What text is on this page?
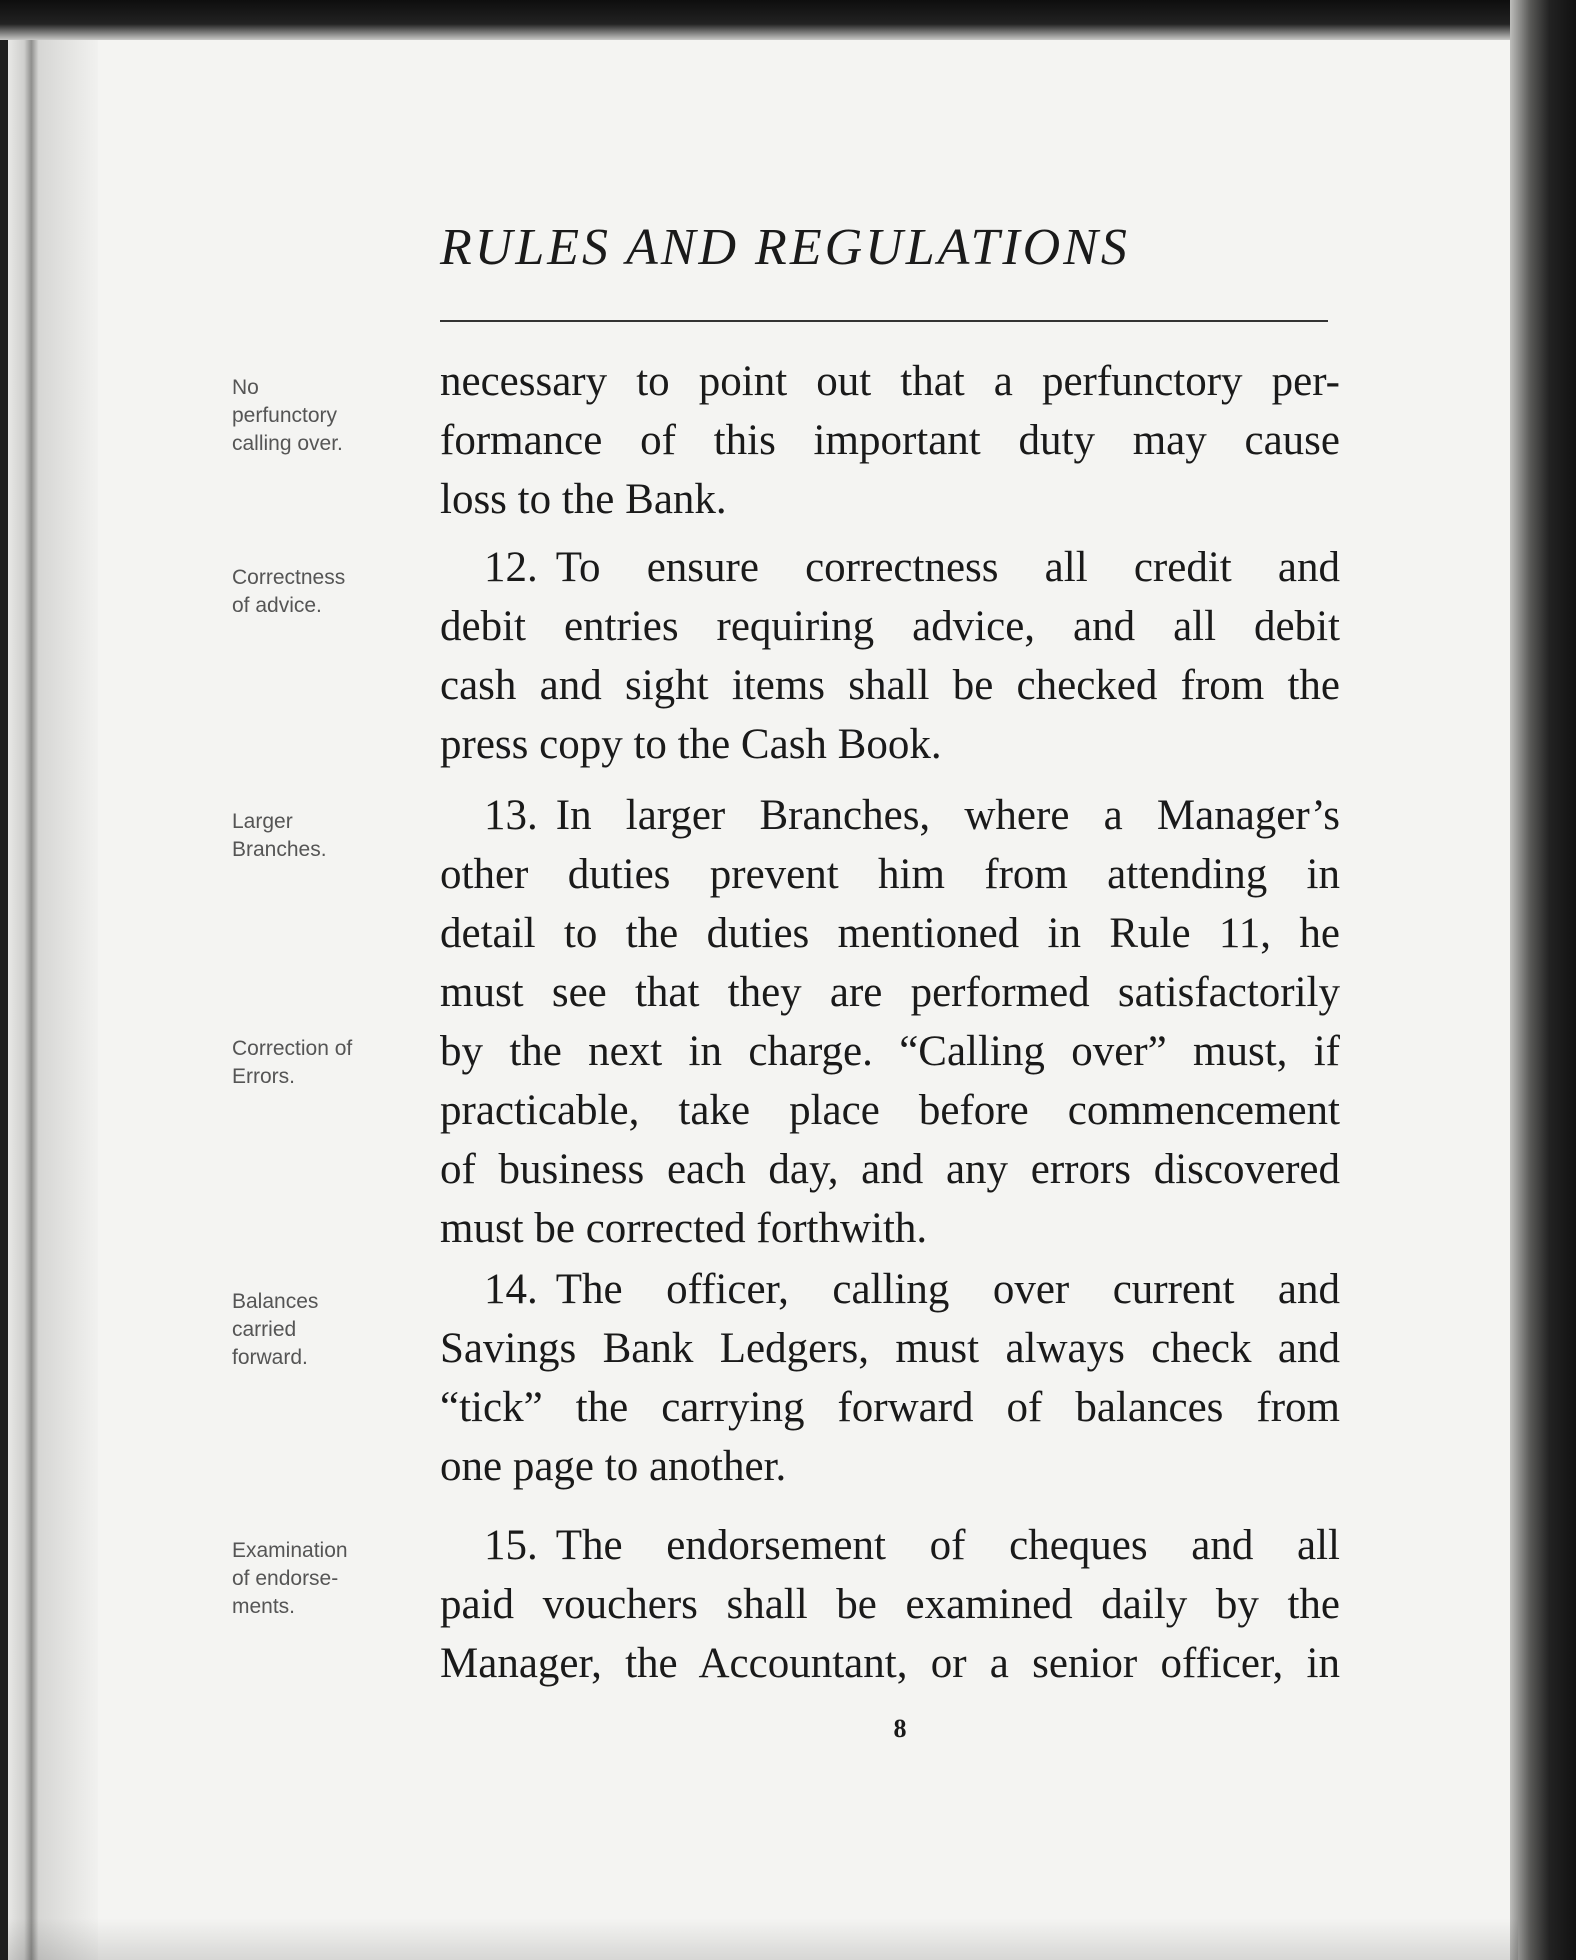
RULES AND REGULATIONS
No
perfunctory
calling over.
Correctness
of advice.
Larger
Branches.
Correction of
Errors.
Balances
carried
forward.
Examination
of endorse-
ments.
necessary to point out that a perfunctory per-
formance of this important duty may cause
loss to the Bank.
12. To ensure correctness all credit and
debit entries requiring advice, and all debit
cash and sight items shall be checked from the
press copy to the Cash Book.
13. In larger Branches, where a Manager’s
other duties prevent him from attending in
detail to the duties mentioned in Rule 11, he
must see that they are performed satisfactorily
by the next in charge. “Calling over” must, if
practicable, take place before commencement
of business each day, and any errors discovered
must be corrected forthwith.
14. The officer, calling over current and
Savings Bank Ledgers, must always check and
“tick” the carrying forward of balances from
one page to another.
15. The endorsement of cheques and all
paid vouchers shall be examined daily by the
Manager, the Accountant, or a senior officer, in
8
